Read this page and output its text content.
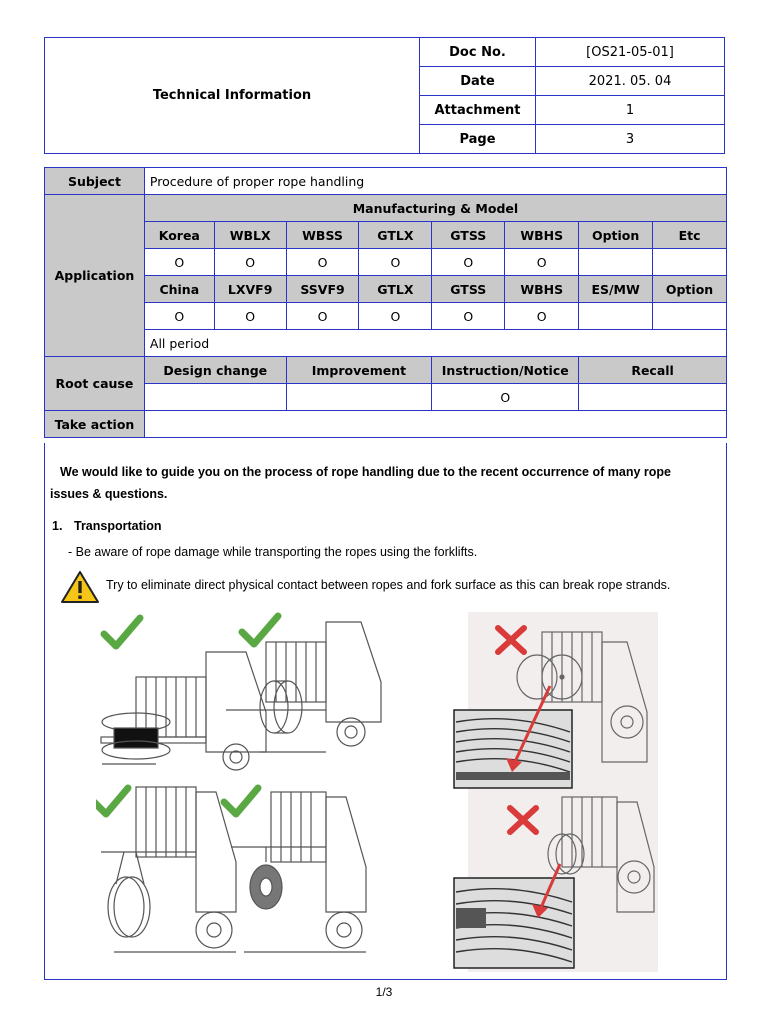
Technical Information	Doc No.	[OS21-05-01]
	Date	2021. 05. 04
	Attachment	1
	Page	3
Subject	Procedure of proper rope handling							
Application	Manufacturing & Model							
	Korea	WBLX	WBSS	GTLX	GTSS	WBHS	Option	Etc
	O	O	O	O	O	O		
	China	LXVF9	SSVF9	GTLX	GTSS	WBHS	ES/MW	Option
	O	O	O	O	O	O		
	All period							
Root cause	Design change		Improvement		Instruction/Notice		Recall	
					O			
Take action								
We would like to guide you on the process of rope handling due to the recent occurrence of many rope issues & questions.
1. Transportation
- Be aware of rope damage while transporting the ropes using the forklifts.
Try to eliminate direct physical contact between ropes and fork surface as this can break rope strands.
1/3
